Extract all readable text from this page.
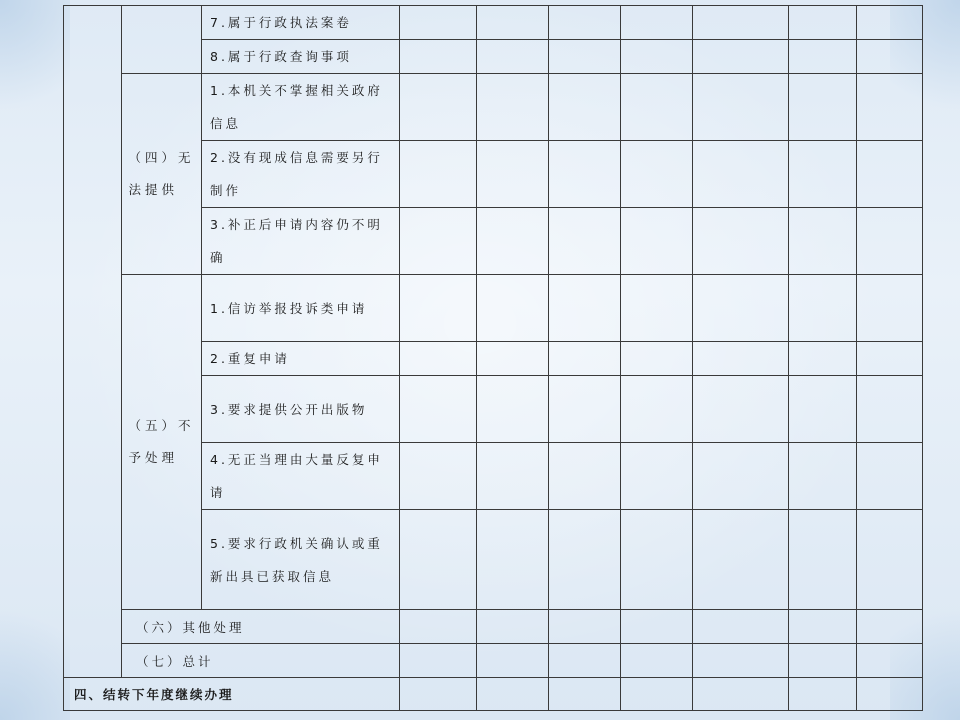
		7.属于行政执法案卷							
		8.属于行政查询事项							
	（四）无法提供	1.本机关不掌握相关政府信息							
		2.没有现成信息需要另行制作							
		3.补正后申请内容仍不明确							
	（五）不予处理	1.信访举报投诉类申请							
		2.重复申请							
		3.要求提供公开出版物							
		4.无正当理由大量反复申请							
		5.要求行政机关确认或重新出具已获取信息							
	（六）其他处理								
	（七）总计								
四、结转下年度继续办理							
